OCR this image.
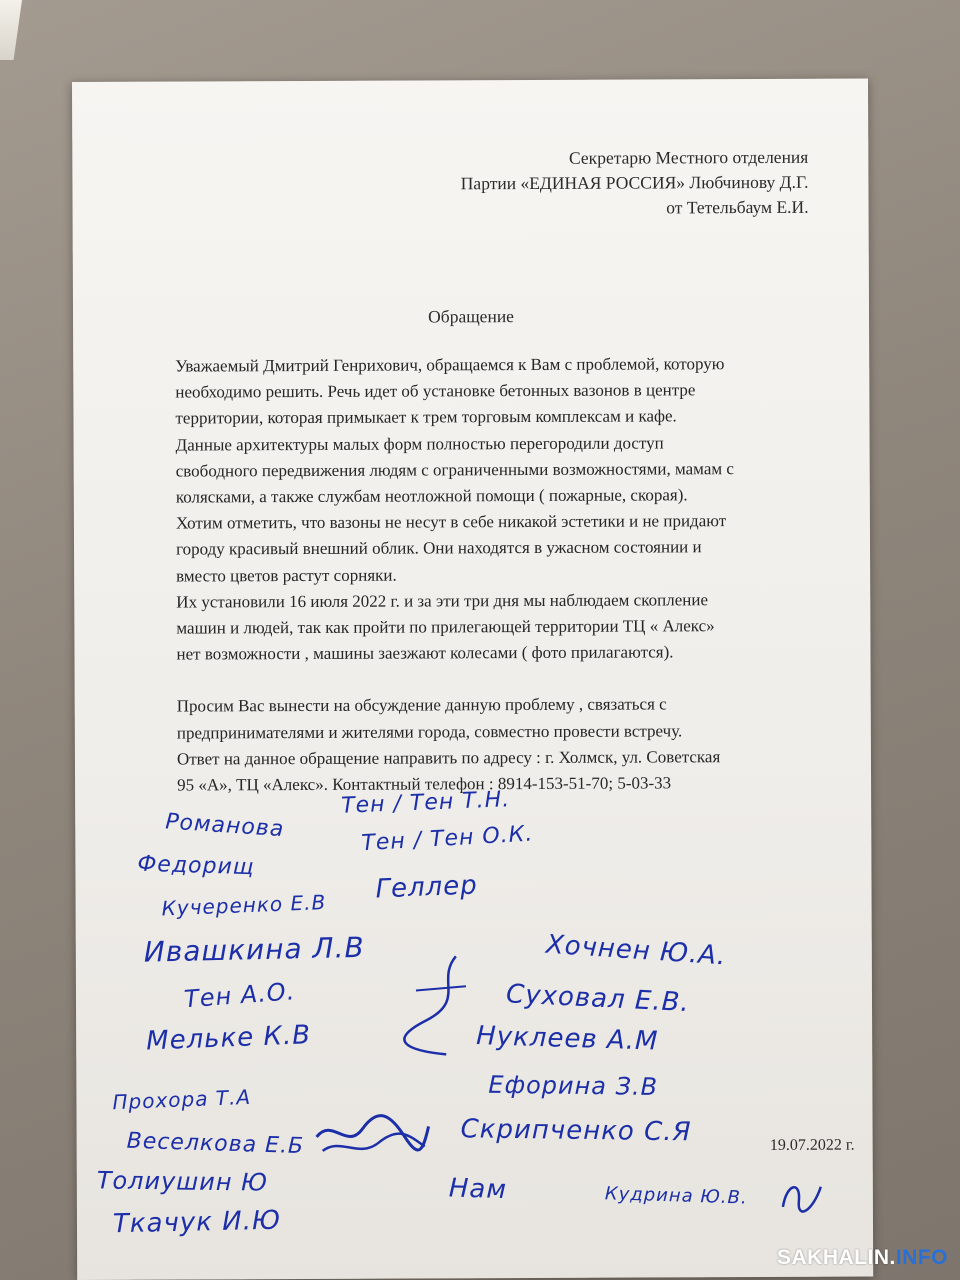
Секретарю Местного отделения
Партии «ЕДИНАЯ РОССИЯ» Любчинову Д.Г.
от Тетельбаум Е.И.
Обращение

Уважаемый Дмитрий Генрихович, обращаемся к Вам с проблемой, которую

необходимо решить. Речь идет об установке бетонных вазонов в центре

территории, которая примыкает к трем торговым комплексам и кафе.

Данные архитектуры малых форм полностью перегородили доступ

свободного передвижения людям с ограниченными возможностями, мамам с

колясками, а также службам неотложной помощи ( пожарные, скорая).

Хотим отметить, что вазоны не несут в себе никакой эстетики и не придают

городу красивый внешний облик. Они находятся в ужасном состоянии и

вместо цветов растут сорняки.

Их установили 16 июля 2022 г. и за эти три дня мы наблюдаем скопление

машин и людей, так как пройти по прилегающей территории ТЦ « Алекс»

нет возможности , машины заезжают колесами ( фото прилагаются).

Просим Вас вынести на обсуждение данную проблему , связаться с

предпринимателями и жителями города, совместно провести встречу.

Ответ на данное обращение направить по адресу : г. Холмск, ул. Советская

95 «А», ТЦ «Алекс». Контактный телефон : 8914-153-51-70; 5-03-33

Романова
Федорищ
Кучеренко Е.В
Ивашкина Л.В
Тен А.О.
Мельке К.В
Прохора Т.А
Веселкова Е.Б
Толиушин Ю
Ткачук И.Ю
Тен / Тен Т.Н.
Тен / Тен О.К.
Геллер
Хочнен Ю.А.
Суховал Е.В.
Нуклеев А.М
Ефорина З.В
Скрипченко С.Я
Нам	Кудрина Ю.В.
19.07.2022 г.
SAKHALIN.INFO
